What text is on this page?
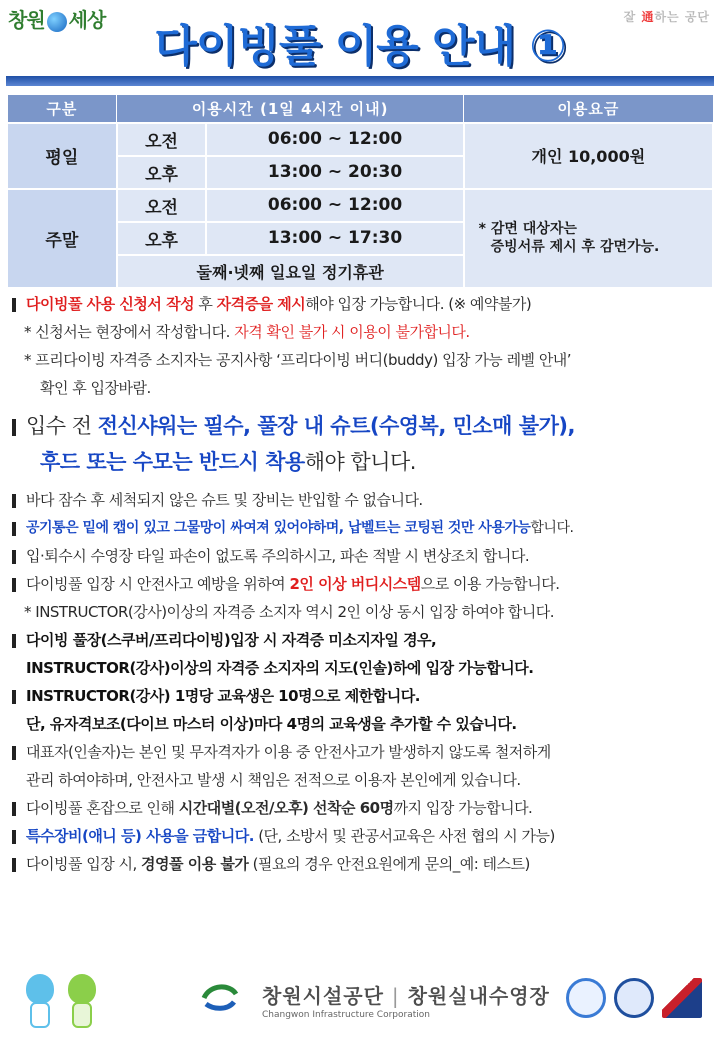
창원 세상	잘 通하는 공단
다이빙풀 이용 안내 ①
구분	이용시간 (1일 4시간 이내)		이용요금
평일	오전	06:00 ~ 12:00	개인 10,000원
	오후	13:00 ~ 20:30	
주말	오전	06:00 ~ 12:00	* 감면 대상자는
증빙서류 제시 후 감면가능.

	오후	13:00 ~ 17:30	
	둘째·넷째 일요일 정기휴관		
다이빙풀 사용 신청서 작성 후 자격증을 제시해야 입장 가능합니다. (※ 예약불가)
* 신청서는 현장에서 작성합니다. 자격 확인 불가 시 이용이 불가합니다.
* 프리다이빙 자격증 소지자는 공지사항 ‘프리다이빙 버디(buddy) 입장 가능 레벨 안내’
확인 후 입장바람.
입수 전 전신샤워는 필수, 풀장 내 슈트(수영복, 민소매 불가),
후드 또는 수모는 반드시 착용해야 합니다.
바다 잠수 후 세척되지 않은 슈트 및 장비는 반입할 수 없습니다.
공기통은 밑에 캡이 있고 그물망이 싸여져 있어야하며, 납벨트는 코팅된 것만 사용가능합니다.
입·퇴수시 수영장 타일 파손이 없도록 주의하시고, 파손 적발 시 변상조치 합니다.
다이빙풀 입장 시 안전사고 예방을 위하여 2인 이상 버디시스템으로 이용 가능합니다.
* INSTRUCTOR(강사)이상의 자격증 소지자 역시 2인 이상 동시 입장 하여야 합니다.
다이빙 풀장(스쿠버/프리다이빙)입장 시 자격증 미소지자일 경우,
INSTRUCTOR(강사)이상의 자격증 소지자의 지도(인솔)하에 입장 가능합니다.
INSTRUCTOR(강사) 1명당 교육생은 10명으로 제한합니다.
단, 유자격보조(다이브 마스터 이상)마다 4명의 교육생을 추가할 수 있습니다.
대표자(인솔자)는 본인 및 무자격자가 이용 중 안전사고가 발생하지 않도록 철저하게
관리 하여야하며, 안전사고 발생 시 책임은 전적으로 이용자 본인에게 있습니다.
다이빙풀 혼잡으로 인해 시간대별(오전/오후) 선착순 60명까지 입장 가능합니다.
특수장비(애니 등) 사용을 금합니다. (단, 소방서 및 관공서교육은 사전 협의 시 가능)
다이빙풀 입장 시, 경영풀 이용 불가 (필요의 경우 안전요원에게 문의_예: 테스트)
창원시설공단 | 창원실내수영장
Changwon Infrastructure Corporation
